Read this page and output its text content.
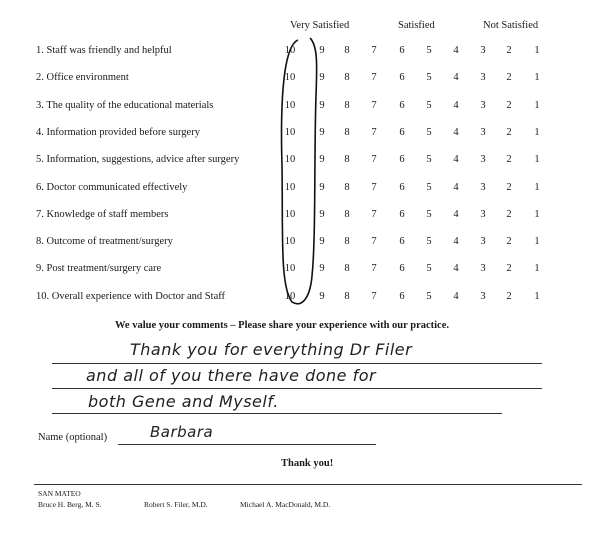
Very Satisfied	Satisfied	Not Satisfied
1. Staff was friendly and helpful	10	9	8	7	6	5	4	3	2	1
2. Office environment	10	9	8	7	6	5	4	3	2	1
3. The quality of the educational materials	10	9	8	7	6	5	4	3	2	1
4. Information provided before surgery	10	9	8	7	6	5	4	3	2	1
5. Information, suggestions, advice after surgery	10	9	8	7	6	5	4	3	2	1
6. Doctor communicated effectively	10	9	8	7	6	5	4	3	2	1
7. Knowledge of staff members	10	9	8	7	6	5	4	3	2	1
8. Outcome of treatment/surgery	10	9	8	7	6	5	4	3	2	1
9. Post treatment/surgery care	10	9	8	7	6	5	4	3	2	1
10. Overall experience with Doctor and Staff	10	9	8	7	6	5	4	3	2	1
We value your comments – Please share your experience with our practice.
Thank you for everything Dr Filer
and all of you there have done for
both Gene and Myself.
Name (optional)	Barbara
Thank you!
SAN MATEO
Bruce H. Berg, M. S.	Robert S. Filer, M.D.	Michael A. MacDonald, M.D.
